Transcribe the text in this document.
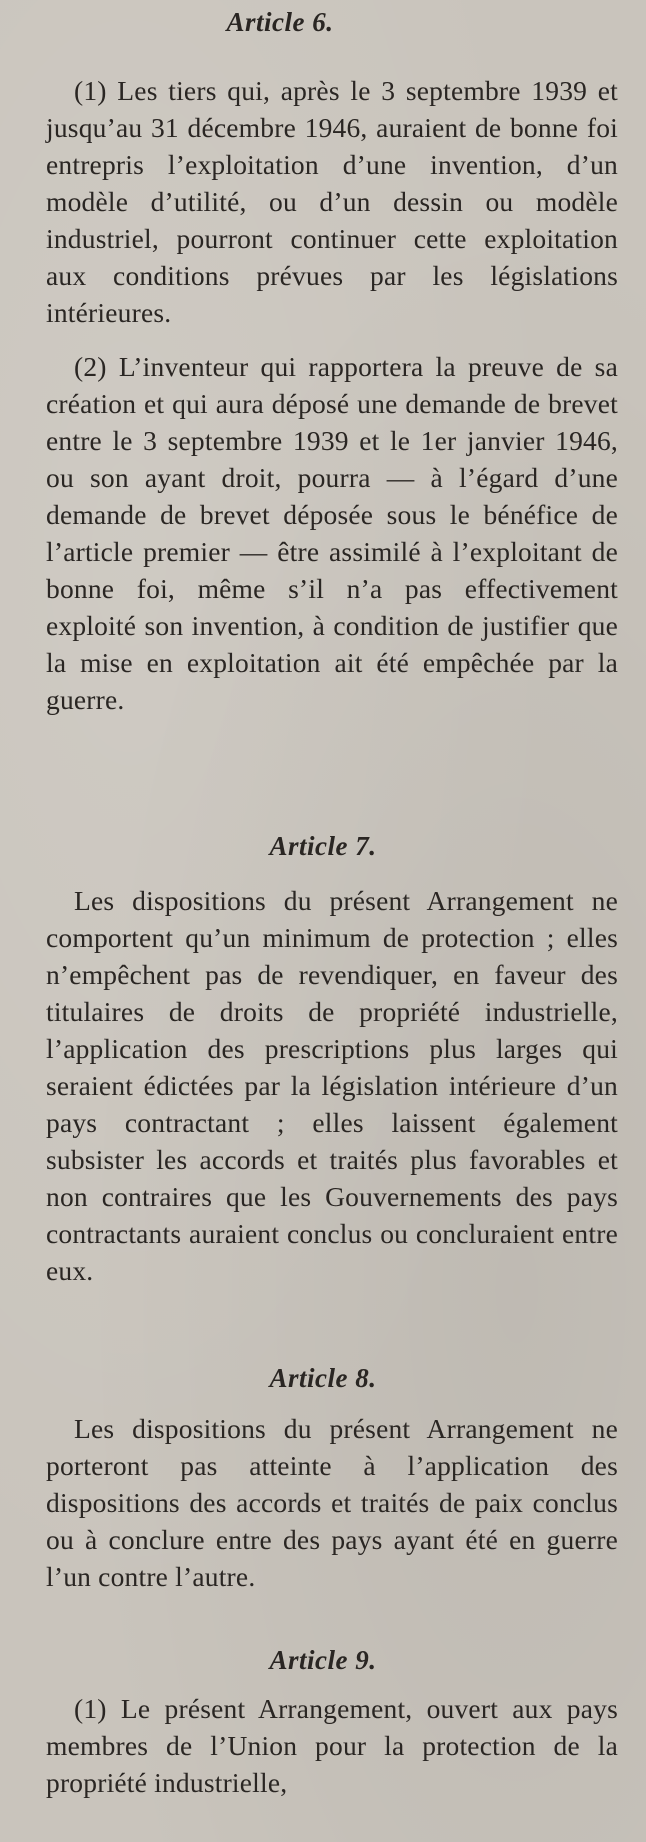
Article 6.

(1) Les tiers qui, après le 3 septembre 1939 et jusqu’au 31 décembre 1946, auraient de bonne foi entrepris l’exploitation d’une invention, d’un modèle d’utilité, ou d’un dessin ou modèle industriel, pourront continuer cette exploitation aux conditions prévues par les législations intérieures.

(2) L’inventeur qui rapportera la preuve de sa création et qui aura déposé une demande de brevet entre le 3 septembre 1939 et le 1er janvier 1946, ou son ayant droit, pourra — à l’égard d’une demande de brevet déposée sous le bénéfice de l’article premier — être assimilé à l’exploitant de bonne foi, même s’il n’a pas effectivement exploité son invention, à condition de justifier que la mise en exploitation ait été empêchée par la guerre.

Article 7.

Les dispositions du présent Arrangement ne comportent qu’un minimum de protection ; elles n’empêchent pas de revendiquer, en faveur des titulaires de droits de propriété industrielle, l’application des prescriptions plus larges qui seraient édictées par la législation intérieure d’un pays contractant ; elles laissent également subsister les accords et traités plus favorables et non contraires que les Gouvernements des pays contractants auraient conclus ou concluraient entre eux.

Article 8.

Les dispositions du présent Arrangement ne porteront pas atteinte à l’application des dispositions des accords et traités de paix conclus ou à conclure entre des pays ayant été en guerre l’un contre l’autre.

Article 9.

(1) Le présent Arrangement, ouvert aux pays membres de l’Union pour la protection de la propriété industrielle,
